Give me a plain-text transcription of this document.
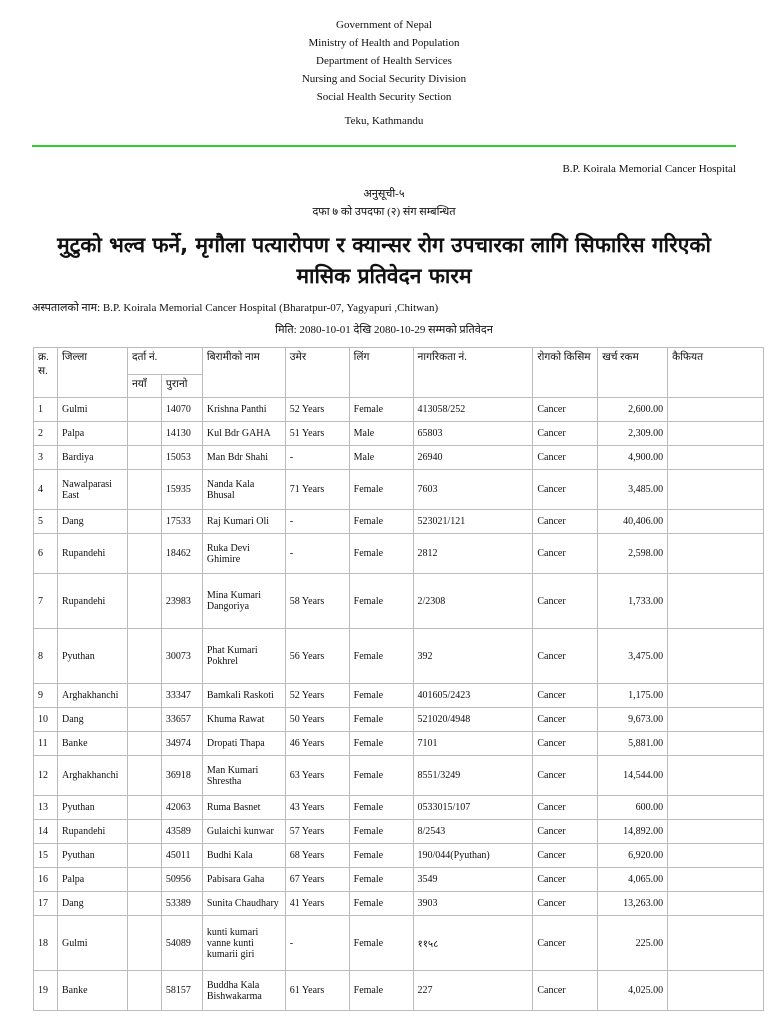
Government of Nepal
Ministry of Health and Population
Department of Health Services
Nursing and Social Security Division
Social Health Security Section
Teku, Kathmandu
B.P. Koirala Memorial Cancer Hospital
अनुसूची-५
दफा ७ को उपदफा (२) संग सम्बन्धित
मुटुको भल्व फर्ने, मृगौला पत्यारोपण र क्यान्सर रोग उपचारका लागि सिफारिस गरिएको
मासिक प्रतिवेदन फारम
अस्पतालको नाम: B.P. Koirala Memorial Cancer Hospital (Bharatpur-07, Yagyapuri ,Chitwan)
मिति: 2080-10-01 देखि 2080-10-29 सम्मको प्रतिवेदन
क्र. स.	जिल्ला	दर्ता नं.		बिरामीको नाम	उमेर	लिंग	नागरिकता नं.	रोगको किसिम	खर्च रकम	कैफियत
		नयाँ	पुरानो							
1	Gulmi		14070	Krishna Panthi	52 Years	Female	413058/252	Cancer	2,600.00	
2	Palpa		14130	Kul Bdr GAHA	51 Years	Male	65803	Cancer	2,309.00	
3	Bardiya		15053	Man Bdr Shahi	-	Male	26940	Cancer	4,900.00	
4	Nawalparasi East		15935	Nanda Kala Bhusal	71 Years	Female	7603	Cancer	3,485.00	
5	Dang		17533	Raj Kumari Oli	-	Female	523021/121	Cancer	40,406.00	
6	Rupandehi		18462	Ruka Devi Ghimire	-	Female	2812	Cancer	2,598.00	
7	Rupandehi		23983	Mina Kumari Dangoriya	58 Years	Female	2/2308	Cancer	1,733.00	
8	Pyuthan		30073	Phat Kumari Pokhrel	56 Years	Female	392	Cancer	3,475.00	
9	Arghakhanchi		33347	Bamkali Raskoti	52 Years	Female	401605/2423	Cancer	1,175.00	
10	Dang		33657	Khuma Rawat	50 Years	Female	521020/4948	Cancer	9,673.00	
11	Banke		34974	Dropati Thapa	46 Years	Female	7101	Cancer	5,881.00	
12	Arghakhanchi		36918	Man Kumari Shrestha	63 Years	Female	8551/3249	Cancer	14,544.00	
13	Pyuthan		42063	Ruma Basnet	43 Years	Female	0533015/107	Cancer	600.00	
14	Rupandehi		43589	Gulaichi kunwar	57 Years	Female	8/2543	Cancer	14,892.00	
15	Pyuthan		45011	Budhi Kala	68 Years	Female	190/044(Pyuthan)	Cancer	6,920.00	
16	Palpa		50956	Pabisara Gaha	67 Years	Female	3549	Cancer	4,065.00	
17	Dang		53389	Sunita Chaudhary	41 Years	Female	3903	Cancer	13,263.00	
18	Gulmi		54089	kunti kumari vanne kunti kumarii giri	-	Female	११५८	Cancer	225.00	
19	Banke		58157	Buddha Kala Bishwakarma	61 Years	Female	227	Cancer	4,025.00	
